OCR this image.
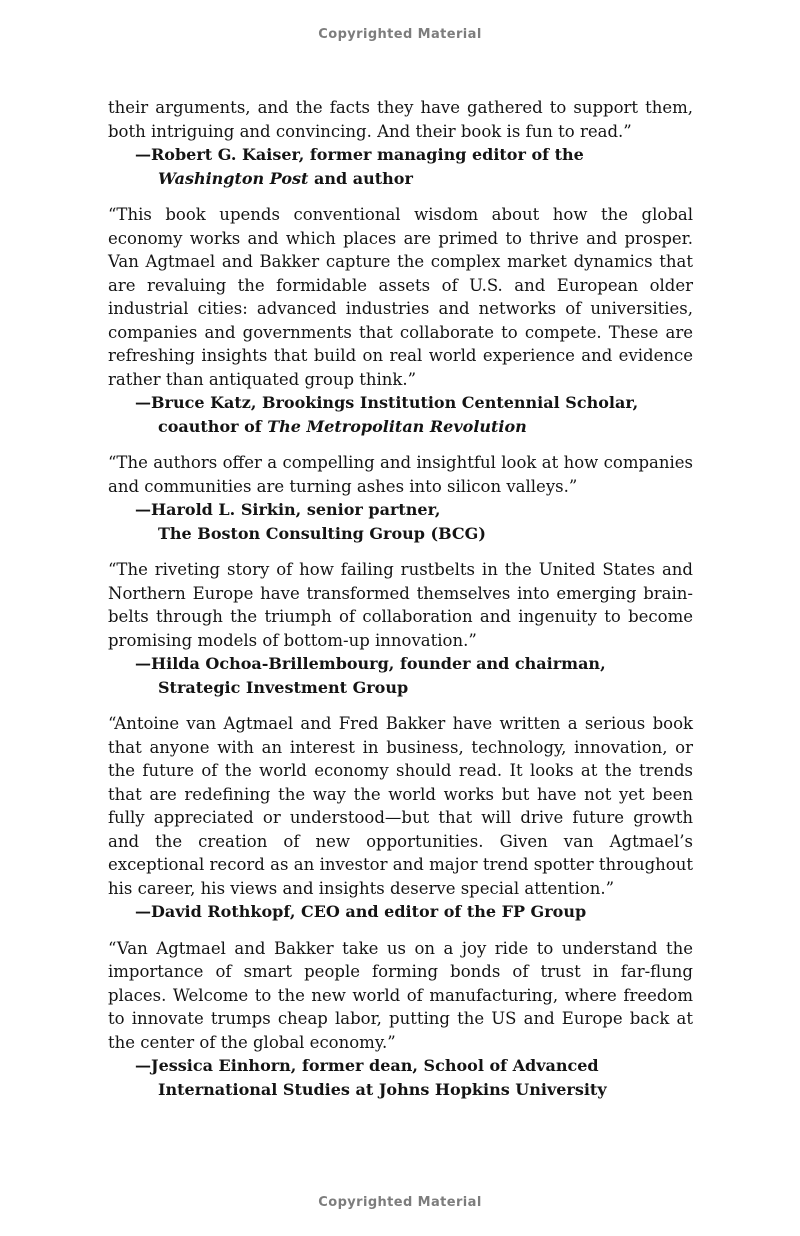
Copyrighted Material

their arguments, and the facts they have gathered to support them, both intriguing and convincing. And their book is fun to read.”

—Robert G. Kaiser, former managing editor of the
Washington Post and author

“This book upends conventional wisdom about how the global economy works and which places are primed to thrive and prosper. Van Agtmael and Bakker capture the complex market dynamics that are revaluing the formidable assets of U.S. and European older industrial cities: advanced industries and networks of universities, companies and governments that collaborate to compete. These are refreshing insights that build on real world experience and evidence rather than antiquated group think.”

—Bruce Katz, Brookings Institution Centennial Scholar,
coauthor of The Metropolitan Revolution

“The authors offer a compelling and insightful look at how companies and communities are turning ashes into silicon valleys.”

—Harold L. Sirkin, senior partner,
The Boston Consulting Group (BCG)

“The riveting story of how failing rustbelts in the United States and Northern Europe have transformed themselves into emerging brain-belts through the triumph of collaboration and ingenuity to become promising models of bottom-up innovation.”

—Hilda Ochoa-Brillembourg, founder and chairman,
Strategic Investment Group

“Antoine van Agtmael and Fred Bakker have written a serious book that anyone with an interest in business, technology, innovation, or the future of the world economy should read. It looks at the trends that are redefining the way the world works but have not yet been fully appreciated or understood—but that will drive future growth and the creation of new opportunities. Given van Agtmael’s exceptional record as an investor and major trend spotter throughout his career, his views and insights deserve special attention.”

—David Rothkopf, CEO and editor of the FP Group

“Van Agtmael and Bakker take us on a joy ride to understand the importance of smart people forming bonds of trust in far-flung places. Welcome to the new world of manufacturing, where freedom to innovate trumps cheap labor, putting the US and Europe back at the center of the global economy.”

—Jessica Einhorn, former dean, School of Advanced
International Studies at Johns Hopkins University
Copyrighted Material
